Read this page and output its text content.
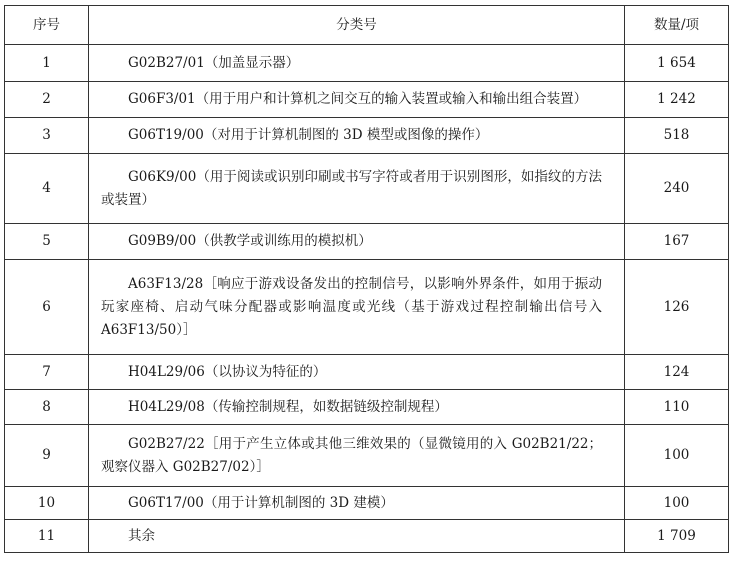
序号	分类号	数量/项
1	G02B27/01（加盖显示器）	1 654
2	G06F3/01（用于用户和计算机之间交互的输入装置或输入和输出组合装置）	1 242
3	G06T19/00（对用于计算机制图的 3D 模型或图像的操作）	518
4	G06K9/00（用于阅读或识别印刷或书写字符或者用于识别图形，如指纹的方法或装置）	240
5	G09B9/00（供教学或训练用的模拟机）	167
6	A63F13/28［响应于游戏设备发出的控制信号，以影响外界条件，如用于振动玩家座椅、启动气味分配器或影响温度或光线（基于游戏过程控制输出信号入 A63F13/50）］	126
7	H04L29/06（以协议为特征的）	124
8	H04L29/08（传输控制规程，如数据链级控制规程）	110
9	G02B27/22［用于产生立体或其他三维效果的（显微镜用的入 G02B21/22；观察仪器入 G02B27/02）］	100
10	G06T17/00（用于计算机制图的 3D 建模）	100
11	其余	1 709
